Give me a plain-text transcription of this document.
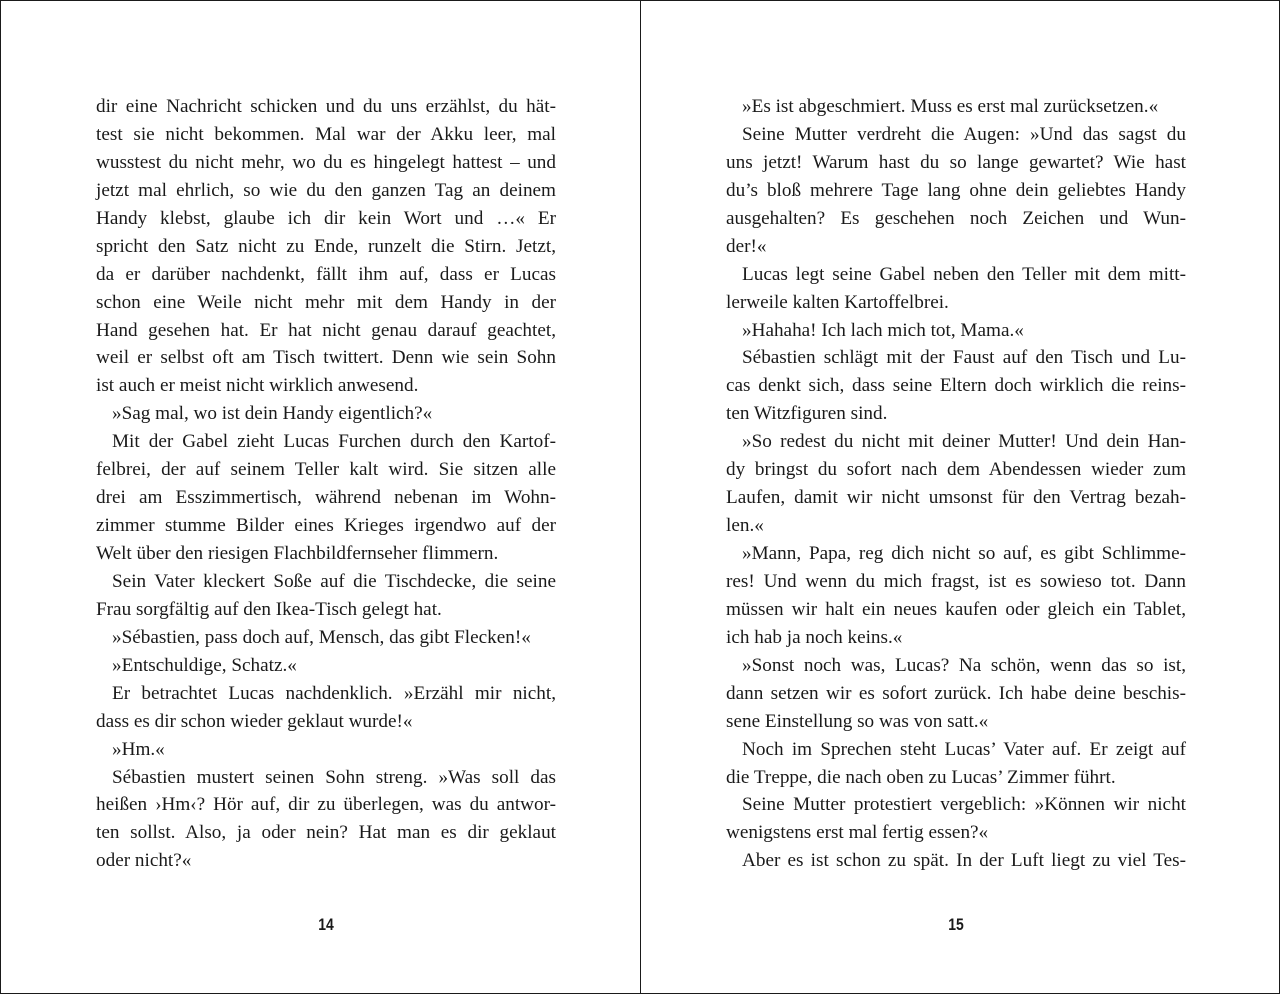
dir eine Nachricht schicken und du uns erzählst, du hät-
test sie nicht bekommen. Mal war der Akku leer, mal
wusstest du nicht mehr, wo du es hingelegt hattest – und
jetzt mal ehrlich, so wie du den ganzen Tag an deinem
Handy klebst, glaube ich dir kein Wort und …« Er
spricht den Satz nicht zu Ende, runzelt die Stirn. Jetzt,
da er darüber nachdenkt, fällt ihm auf, dass er Lucas
schon eine Weile nicht mehr mit dem Handy in der
Hand gesehen hat. Er hat nicht genau darauf geachtet,
weil er selbst oft am Tisch twittert. Denn wie sein Sohn
ist auch er meist nicht wirklich anwesend.
»Sag mal, wo ist dein Handy eigentlich?«
Mit der Gabel zieht Lucas Furchen durch den Kartof-
felbrei, der auf seinem Teller kalt wird. Sie sitzen alle
drei am Esszimmertisch, während nebenan im Wohn-
zimmer stumme Bilder eines Krieges irgendwo auf der
Welt über den riesigen Flachbildfernseher flimmern.
Sein Vater kleckert Soße auf die Tischdecke, die seine
Frau sorgfältig auf den Ikea-Tisch gelegt hat.
»Sébastien, pass doch auf, Mensch, das gibt Flecken!«
»Entschuldige, Schatz.«
Er betrachtet Lucas nachdenklich. »Erzähl mir nicht,
dass es dir schon wieder geklaut wurde!«
»Hm.«
Sébastien mustert seinen Sohn streng. »Was soll das
heißen ›Hm‹? Hör auf, dir zu überlegen, was du antwor-
ten sollst. Also, ja oder nein? Hat man es dir geklaut
oder nicht?«
»Es ist abgeschmiert. Muss es erst mal zurücksetzen.«
Seine Mutter verdreht die Augen: »Und das sagst du
uns jetzt! Warum hast du so lange gewartet? Wie hast
du’s bloß mehrere Tage lang ohne dein geliebtes Handy
ausgehalten? Es geschehen noch Zeichen und Wun-
der!«
Lucas legt seine Gabel neben den Teller mit dem mitt-
lerweile kalten Kartoffelbrei.
»Hahaha! Ich lach mich tot, Mama.«
Sébastien schlägt mit der Faust auf den Tisch und Lu-
cas denkt sich, dass seine Eltern doch wirklich die reins-
ten Witzfiguren sind.
»So redest du nicht mit deiner Mutter! Und dein Han-
dy bringst du sofort nach dem Abendessen wieder zum
Laufen, damit wir nicht umsonst für den Vertrag bezah-
len.«
»Mann, Papa, reg dich nicht so auf, es gibt Schlimme-
res! Und wenn du mich fragst, ist es sowieso tot. Dann
müssen wir halt ein neues kaufen oder gleich ein Tablet,
ich hab ja noch keins.«
»Sonst noch was, Lucas? Na schön, wenn das so ist,
dann setzen wir es sofort zurück. Ich habe deine beschis-
sene Einstellung so was von satt.«
Noch im Sprechen steht Lucas’ Vater auf. Er zeigt auf
die Treppe, die nach oben zu Lucas’ Zimmer führt.
Seine Mutter protestiert vergeblich: »Können wir nicht
wenigstens erst mal fertig essen?«
Aber es ist schon zu spät. In der Luft liegt zu viel Tes-
14	15
